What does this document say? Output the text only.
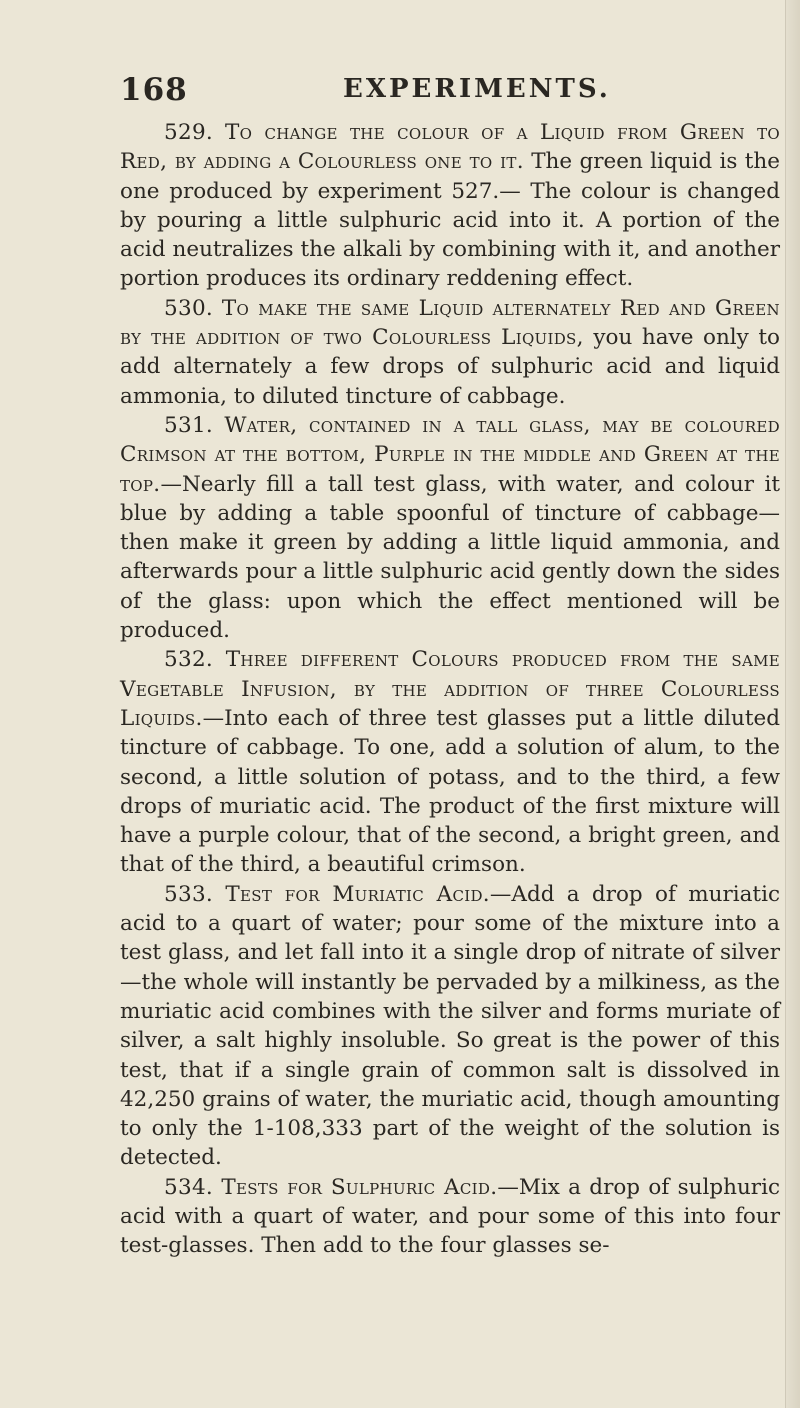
168	EXPERIMENTS.

529. To change the colour of a Liquid from Green to Red, by adding a Colourless one to it. The green liquid is the one produced by experiment 527.— The colour is changed by pouring a little sulphuric acid into it. A portion of the acid neutralizes the alkali by combining with it, and another portion produces its ordinary reddening effect.

530. To make the same Liquid alternately Red and Green by the addition of two Colourless Liquids, you have only to add alternately a few drops of sulphuric acid and liquid ammonia, to diluted tincture of cabbage.

531. Water, contained in a tall glass, may be coloured Crimson at the bottom, Purple in the middle and Green at the top.—Nearly fill a tall test glass, with water, and colour it blue by adding a table spoonful of tincture of cabbage—then make it green by adding a little liquid ammonia, and afterwards pour a little sulphuric acid gently down the sides of the glass: upon which the effect mentioned will be produced.

532. Three different Colours produced from the same Vegetable Infusion, by the addition of three Colourless Liquids.—Into each of three test glasses put a little diluted tincture of cabbage. To one, add a solution of alum, to the second, a little solution of potass, and to the third, a few drops of muriatic acid. The product of the first mixture will have a purple colour, that of the second, a bright green, and that of the third, a beautiful crimson.

533. Test for Muriatic Acid.—Add a drop of muriatic acid to a quart of water; pour some of the mixture into a test glass, and let fall into it a single drop of nitrate of silver—the whole will instantly be pervaded by a milkiness, as the muriatic acid combines with the silver and forms muriate of silver, a salt highly insoluble. So great is the power of this test, that if a single grain of common salt is dissolved in 42,250 grains of water, the muriatic acid, though amounting to only the 1-108,333 part of the weight of the solution is detected.

534. Tests for Sulphuric Acid.—Mix a drop of sulphuric acid with a quart of water, and pour some of this into four test-glasses. Then add to the four glasses se-
